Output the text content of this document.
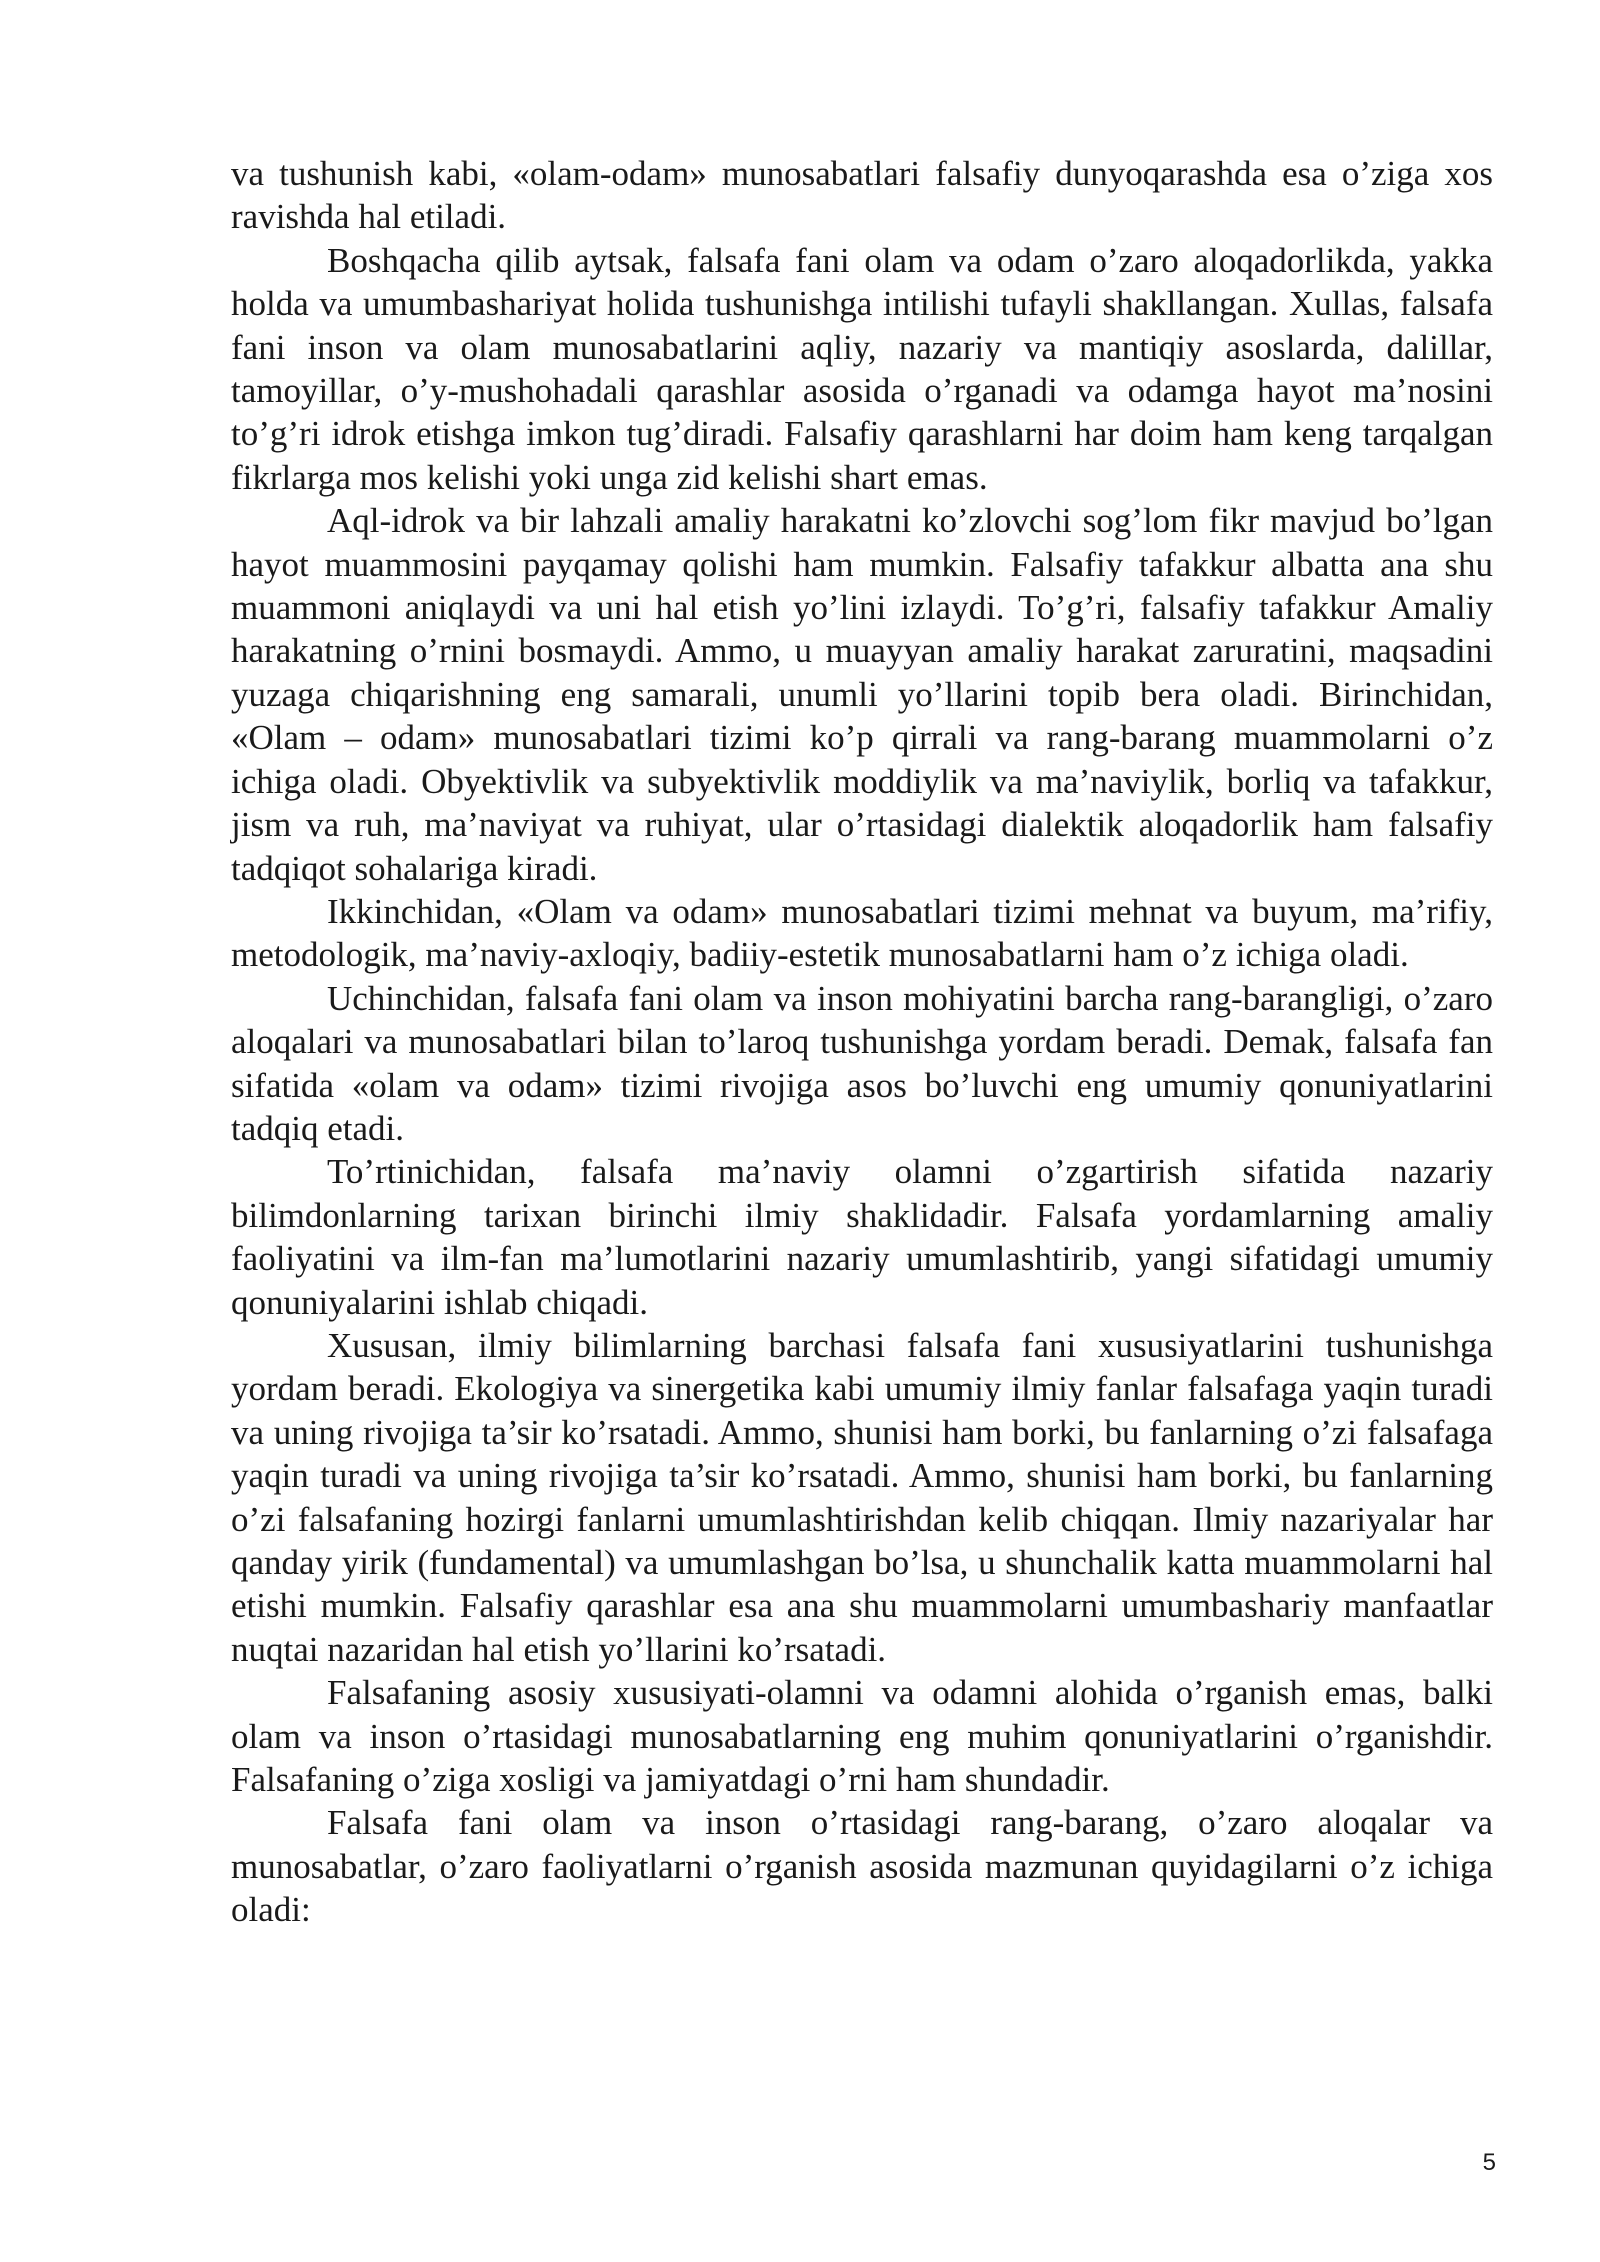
va tushunish kabi, «olam-odam» munosabatlari falsafiy dunyoqarashda esa o’ziga xos ravishda hal etiladi.

Boshqacha qilib aytsak, falsafa fani olam va odam o’zaro aloqadorlikda, yakka holda va umumbashariyat holida tushunishga intilishi tufayli shakllangan. Xullas, falsafa fani inson va olam munosabatlarini aqliy, nazariy va mantiqiy asoslarda, dalillar, tamoyillar, o’y-mushohadali qarashlar asosida o’rganadi va odamga hayot ma’nosini to’g’ri idrok etishga imkon tug’diradi. Falsafiy qarashlarni har doim ham keng tarqalgan fikrlarga mos kelishi yoki unga zid kelishi shart emas.

Aql-idrok va bir lahzali amaliy harakatni ko’zlovchi sog’lom fikr mavjud bo’lgan hayot muammosini payqamay qolishi ham mumkin. Falsafiy tafakkur albatta ana shu muammoni aniqlaydi va uni hal etish yo’lini izlaydi. To’g’ri, falsafiy tafakkur Amaliy harakatning o’rnini bosmaydi. Ammo, u muayyan amaliy harakat zaruratini, maqsadini yuzaga chiqarishning eng samarali, unumli yo’llarini topib bera oladi. Birinchidan, «Olam – odam» munosabatlari tizimi ko’p qirrali va rang-barang muammolarni o’z ichiga oladi. Obyektivlik va subyektivlik moddiylik va ma’naviylik, borliq va tafakkur, jism va ruh, ma’naviyat va ruhiyat, ular o’rtasidagi dialektik aloqadorlik ham falsafiy tadqiqot sohalariga kiradi.

Ikkinchidan, «Olam va odam» munosabatlari tizimi mehnat va buyum, ma’rifiy, metodologik, ma’naviy-axloqiy, badiiy-estetik munosabatlarni ham o’z ichiga oladi.

Uchinchidan, falsafa fani olam va inson mohiyatini barcha rang-barangligi, o’zaro aloqalari va munosabatlari bilan to’laroq tushunishga yordam beradi. Demak, falsafa fan sifatida «olam va odam» tizimi rivojiga asos bo’luvchi eng umumiy qonuniyatlarini tadqiq etadi.

To’rtinichidan, falsafa ma’naviy olamni o’zgartirish sifatida nazariy bilimdonlarning tarixan birinchi ilmiy shaklidadir. Falsafa yordamlarning amaliy faoliyatini va ilm-fan ma’lumotlarini nazariy umumlashtirib, yangi sifatidagi umumiy qonuniyalarini ishlab chiqadi.

Xususan, ilmiy bilimlarning barchasi falsafa fani xususiyatlarini tushunishga yordam beradi. Ekologiya va sinergetika kabi umumiy ilmiy fanlar falsafaga yaqin turadi va uning rivojiga ta’sir ko’rsatadi. Ammo, shunisi ham borki, bu fanlarning o’zi falsafaga yaqin turadi va uning rivojiga ta’sir ko’rsatadi. Ammo, shunisi ham borki, bu fanlarning o’zi falsafaning hozirgi fanlarni umumlashtirishdan kelib chiqqan. Ilmiy nazariyalar har qanday yirik (fundamental) va umumlashgan bo’lsa, u shunchalik katta muammolarni hal etishi mumkin. Falsafiy qarashlar esa ana shu muammolarni umumbashariy manfaatlar nuqtai nazaridan hal etish yo’llarini ko’rsatadi.

Falsafaning asosiy xususiyati-olamni va odamni alohida o’rganish emas, balki olam va inson o’rtasidagi munosabatlarning eng muhim qonuniyatlarini o’rganishdir. Falsafaning o’ziga xosligi va jamiyatdagi o’rni ham shundadir.

Falsafa fani olam va inson o’rtasidagi rang-barang, o’zaro aloqalar va munosabatlar, o’zaro faoliyatlarni o’rganish asosida mazmunan quyidagilarni o’z ichiga oladi:

5
